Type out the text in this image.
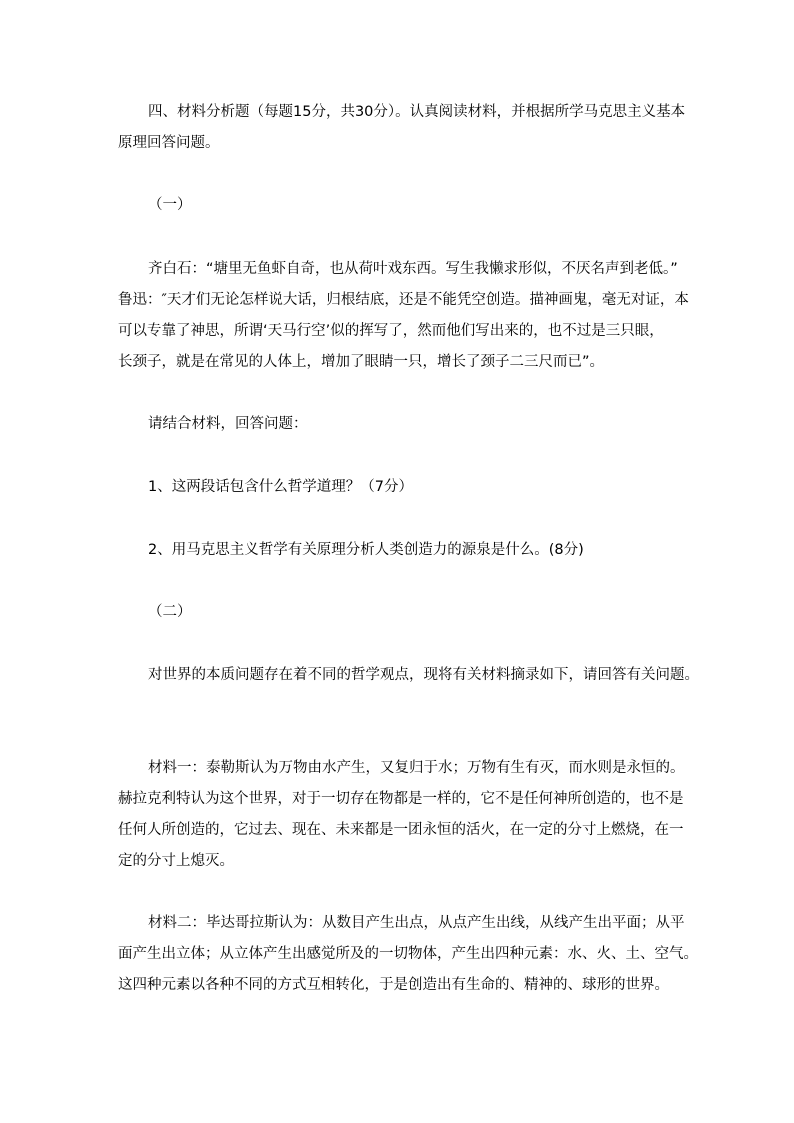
四、材料分析题（每题15分，共30分）。认真阅读材料，并根据所学马克思主义基本
原理回答问题。
（一）
齐白石：“塘里无鱼虾自奇，也从荷叶戏东西。写生我懒求形似，不厌名声到老低。”
鲁迅：″天才们无论怎样说大话，归根结底，还是不能凭空创造。描神画鬼，毫无对证，本
可以专靠了神思，所谓‘天马行空’似的挥写了，然而他们写出来的，也不过是三只眼，
长颈子，就是在常见的人体上，增加了眼睛一只，增长了颈子二三尺而已”。
请结合材料，回答问题：
1、这两段话包含什么哲学道理？（7分）
2、用马克思主义哲学有关原理分析人类创造力的源泉是什么。(8分)
（二）
对世界的本质问题存在着不同的哲学观点，现将有关材料摘录如下，请回答有关问题。
材料一：泰勒斯认为万物由水产生，又复归于水；万物有生有灭，而水则是永恒的。
赫拉克利特认为这个世界，对于一切存在物都是一样的，它不是任何神所创造的，也不是
任何人所创造的，它过去、现在、未来都是一团永恒的活火，在一定的分寸上燃烧，在一
定的分寸上熄灭。
材料二：毕达哥拉斯认为：从数目产生出点，从点产生出线，从线产生出平面；从平
面产生出立体；从立体产生出感觉所及的一切物体，产生出四种元素：水、火、土、空气。
这四种元素以各种不同的方式互相转化，于是创造出有生命的、精神的、球形的世界。
